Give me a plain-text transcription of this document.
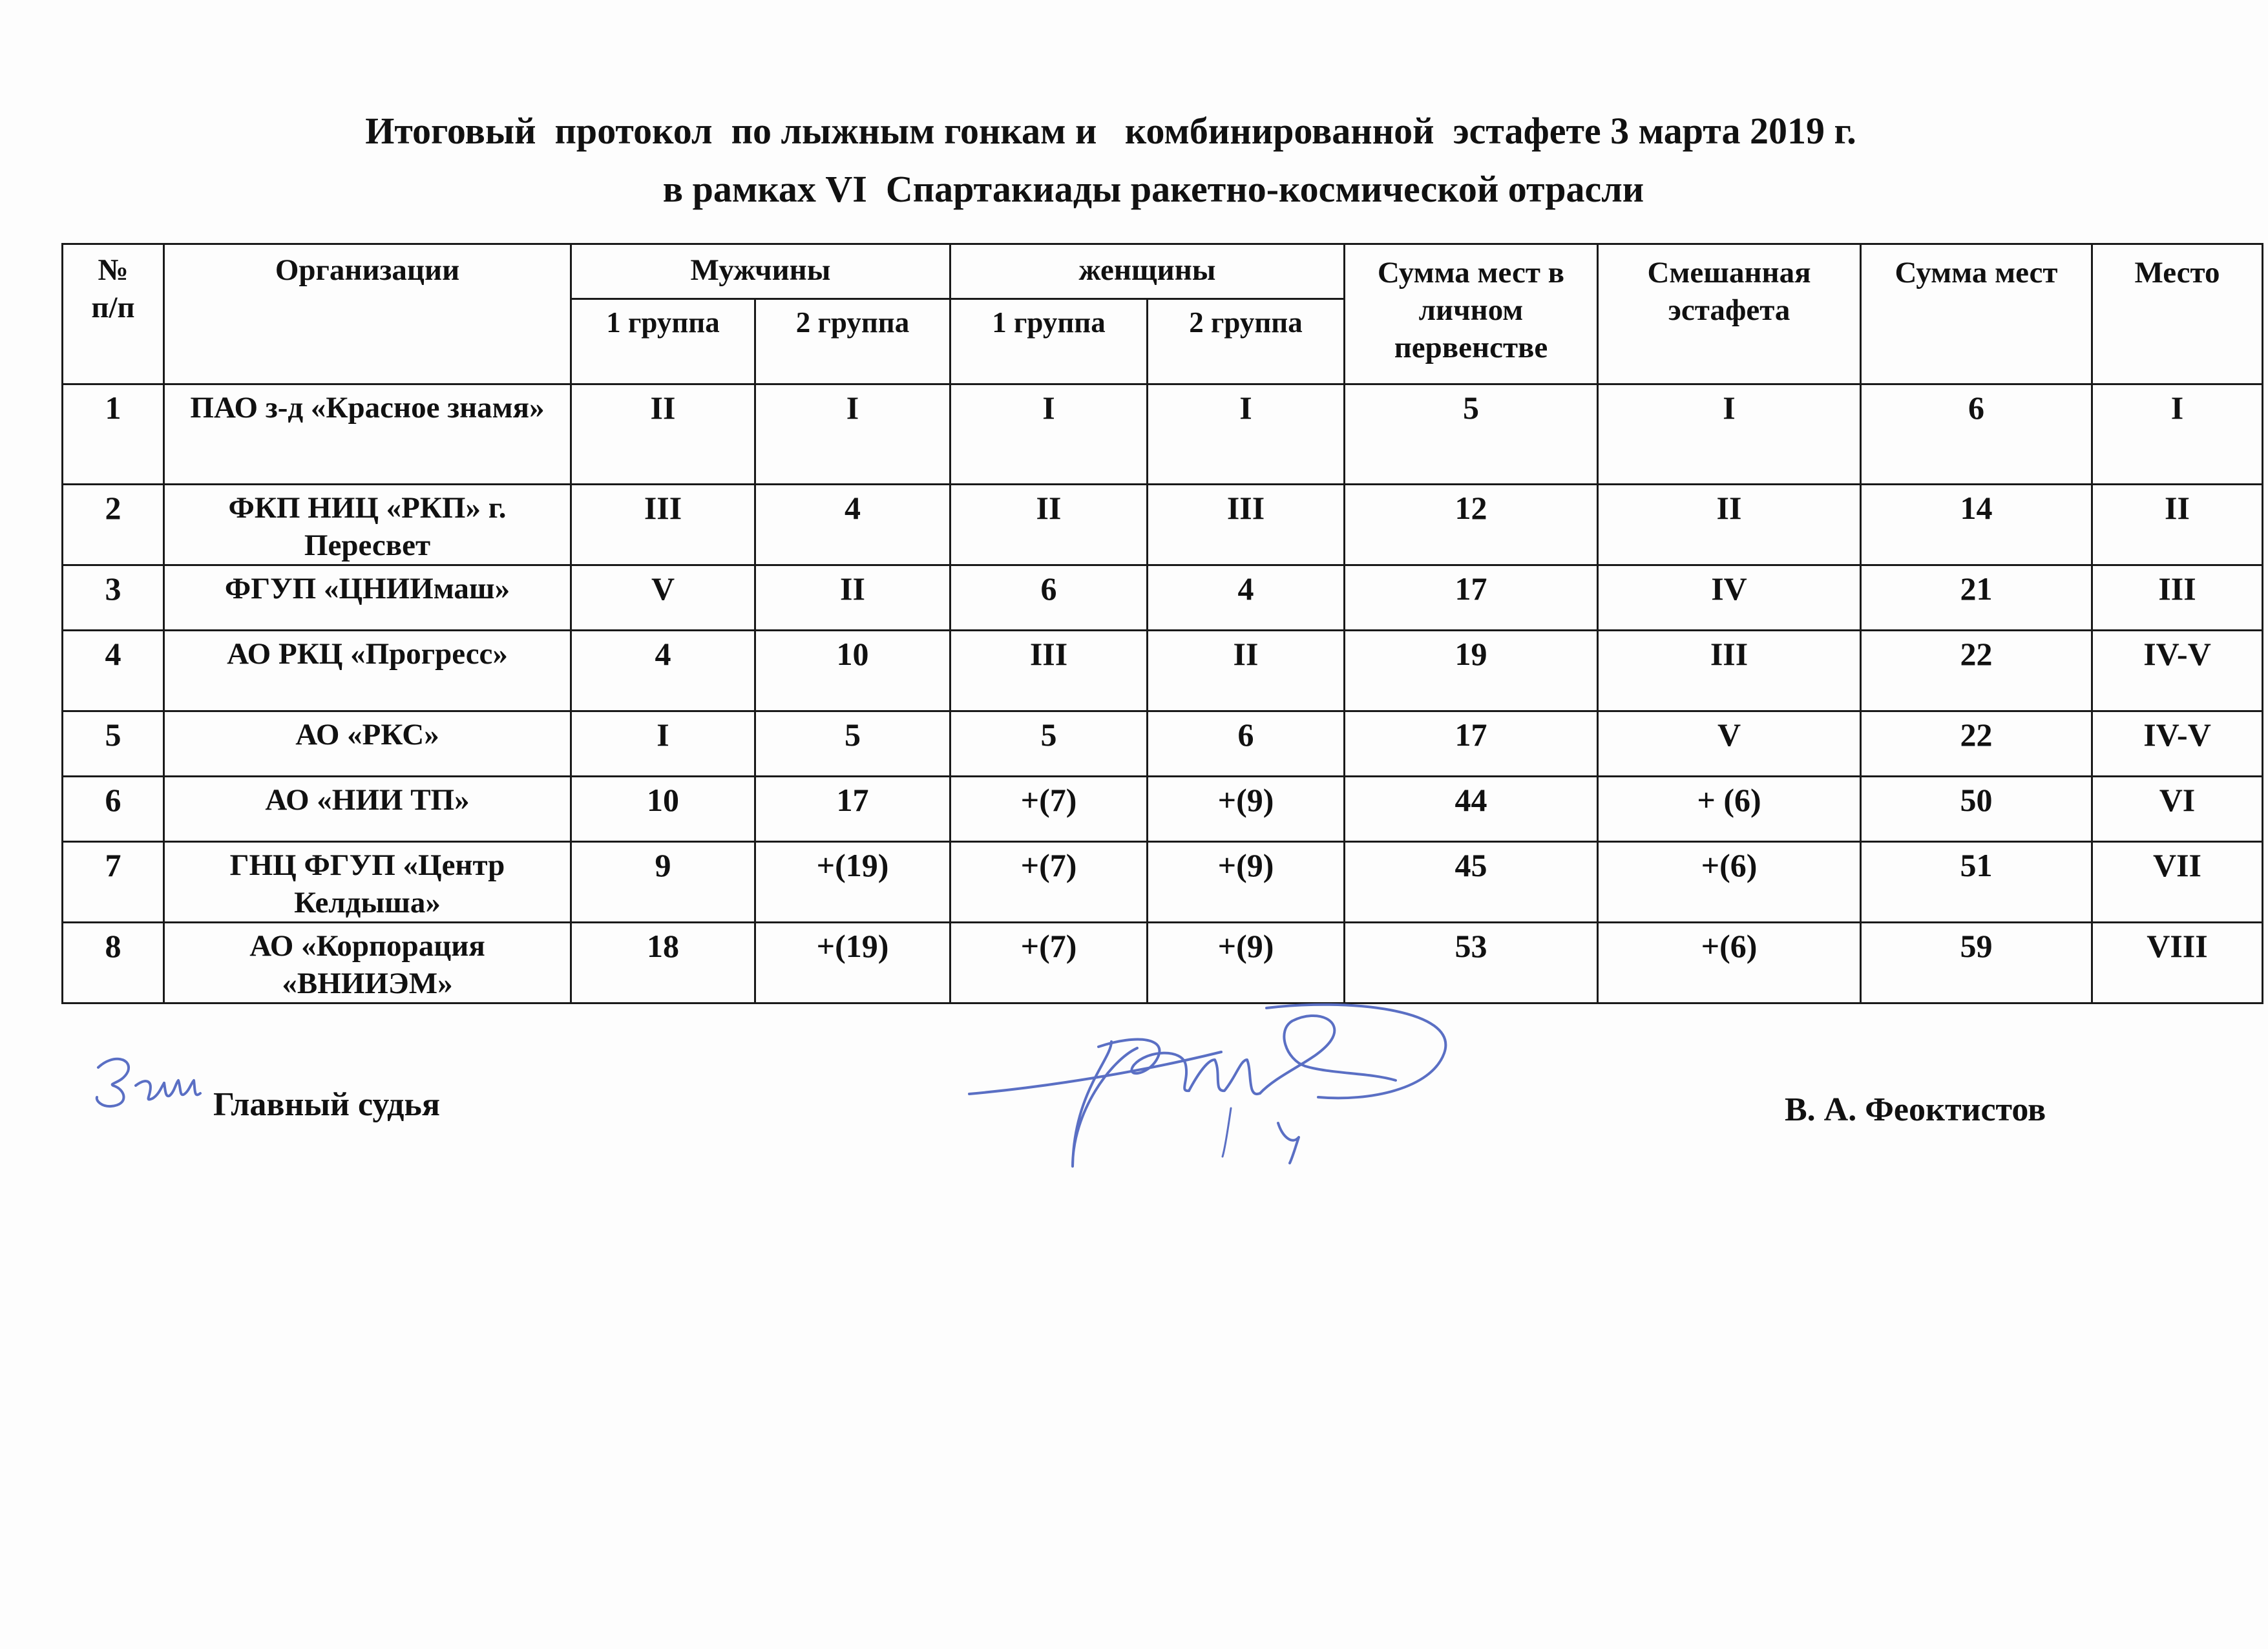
Итоговый  протокол  по лыжным гонкам и   комбинированной  эстафете 3 марта 2019 г.
в рамках VI  Спартакиады ракетно-космической отрасли
№
п/п	Организации	Мужчины		женщины		Сумма мест в личном первенстве	Смешанная эстафета	Сумма мест	Место
		1 группа	2 группа	1 группа	2 группа				
1	ПАО з-д «Красное знамя»	II	I	I	I	5	I	6	I
2	ФКП НИЦ «РКП» г. Пересвет	III	4	II	III	12	II	14	II
3	ФГУП «ЦНИИмаш»	V	II	6	4	17	IV	21	III
4	АО РКЦ «Прогресс»	4	10	III	II	19	III	22	IV-V
5	АО «РКС»	I	5	5	6	17	V	22	IV-V
6	АО «НИИ ТП»	10	17	+(7)	+(9)	44	+ (6)	50	VI
7	ГНЦ ФГУП «Центр Келдыша»	9	+(19)	+(7)	+(9)	45	+(6)	51	VII
8	АО «Корпорация «ВНИИЭМ»	18	+(19)	+(7)	+(9)	53	+(6)	59	VIII
Главный судья	В. А. Феоктистов
